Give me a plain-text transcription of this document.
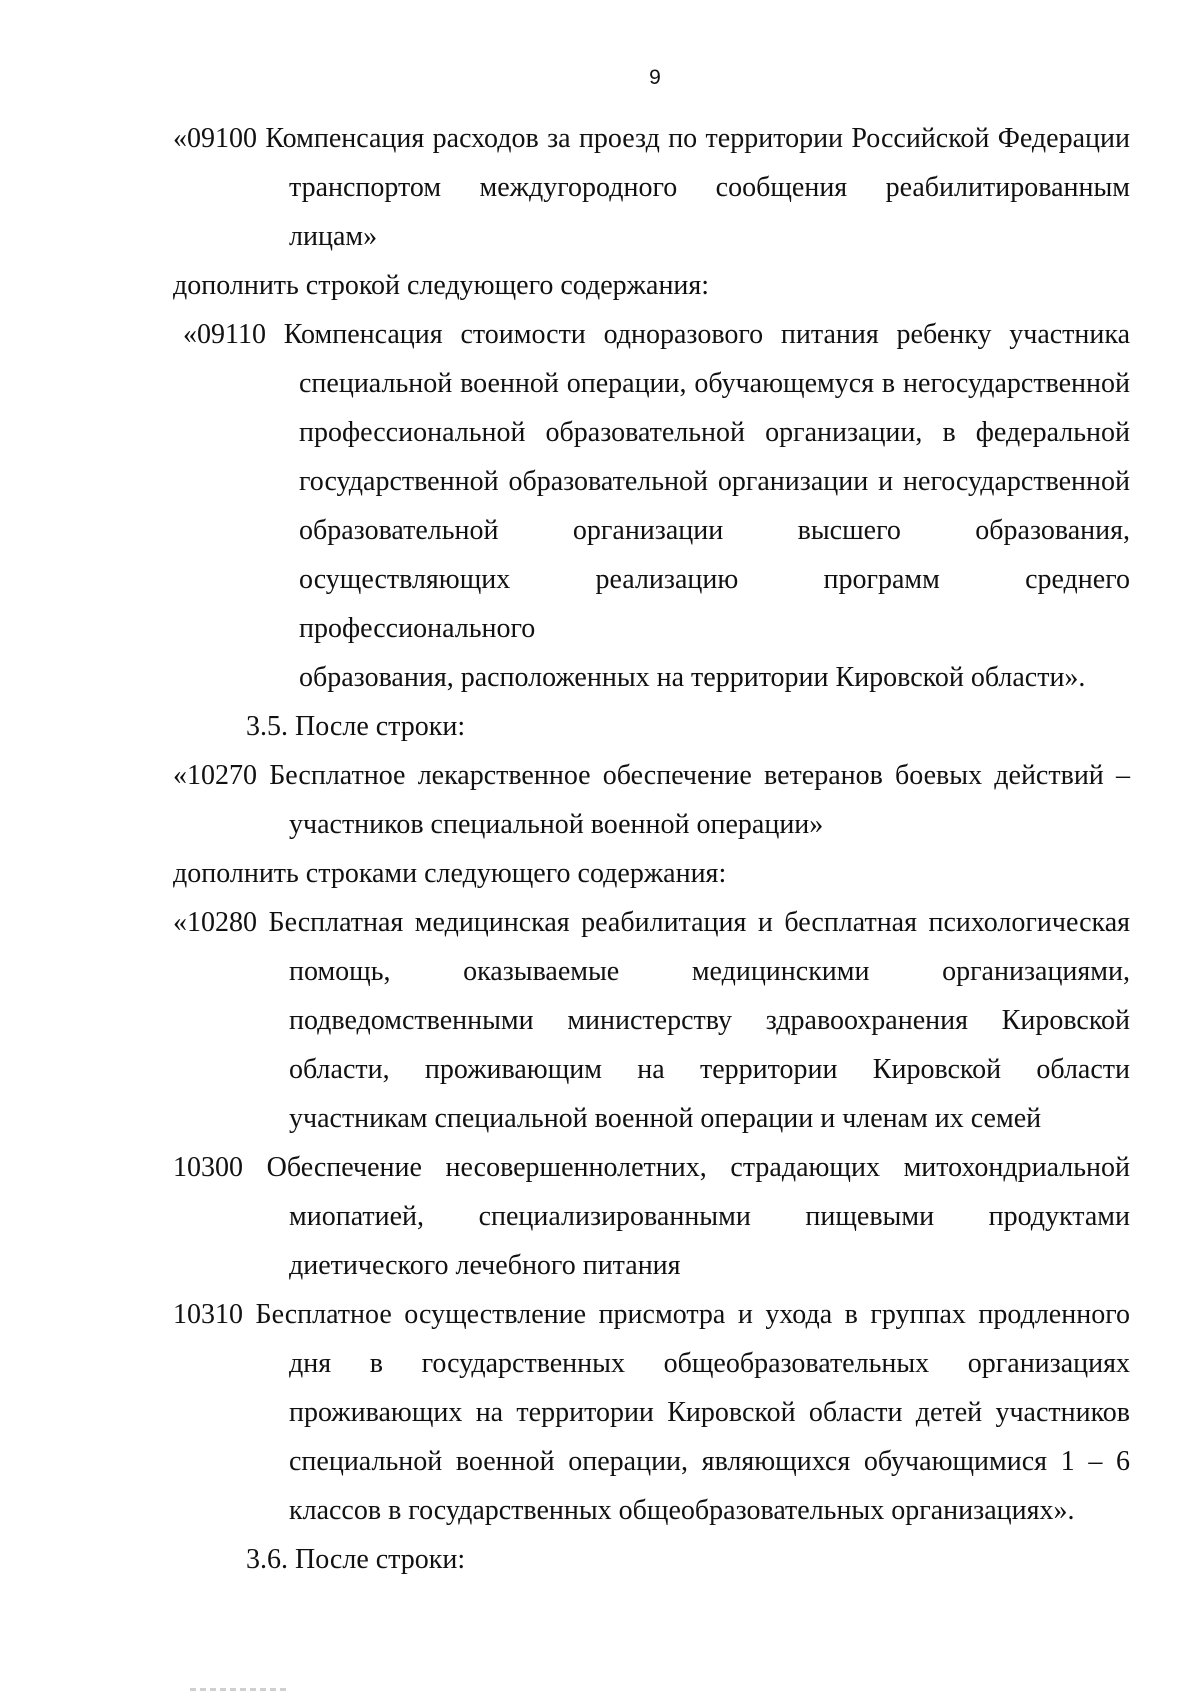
9
«09100 Компенсация расходов за проезд по территории Российской Федерации
транспортом междугородного сообщения реабилитированным
лицам»
дополнить строкой следующего содержания:
«09110 Компенсация стоимости одноразового питания ребенку участника
специальной военной операции, обучающемуся в негосударственной
профессиональной образовательной организации, в федеральной
государственной образовательной организации и негосударственной
образовательной организации высшего образования,
осуществляющих реализацию программ среднего профессионального
образования, расположенных на территории Кировской области».
3.5. После строки:
«10270 Бесплатное лекарственное обеспечение ветеранов боевых действий –
участников специальной военной операции»
дополнить строками следующего содержания:
«10280 Бесплатная медицинская реабилитация и бесплатная психологическая
помощь, оказываемые медицинскими организациями,
подведомственными министерству здравоохранения Кировской
области, проживающим на территории Кировской области
участникам специальной военной операции и членам их семей
10300 Обеспечение несовершеннолетних, страдающих митохондриальной
миопатией, специализированными пищевыми продуктами
диетического лечебного питания
10310 Бесплатное осуществление присмотра и ухода в группах продленного
дня в государственных общеобразовательных организациях
проживающих на территории Кировской области детей участников
специальной военной операции, являющихся обучающимися 1 – 6
классов в государственных общеобразовательных организациях».
3.6. После строки:
